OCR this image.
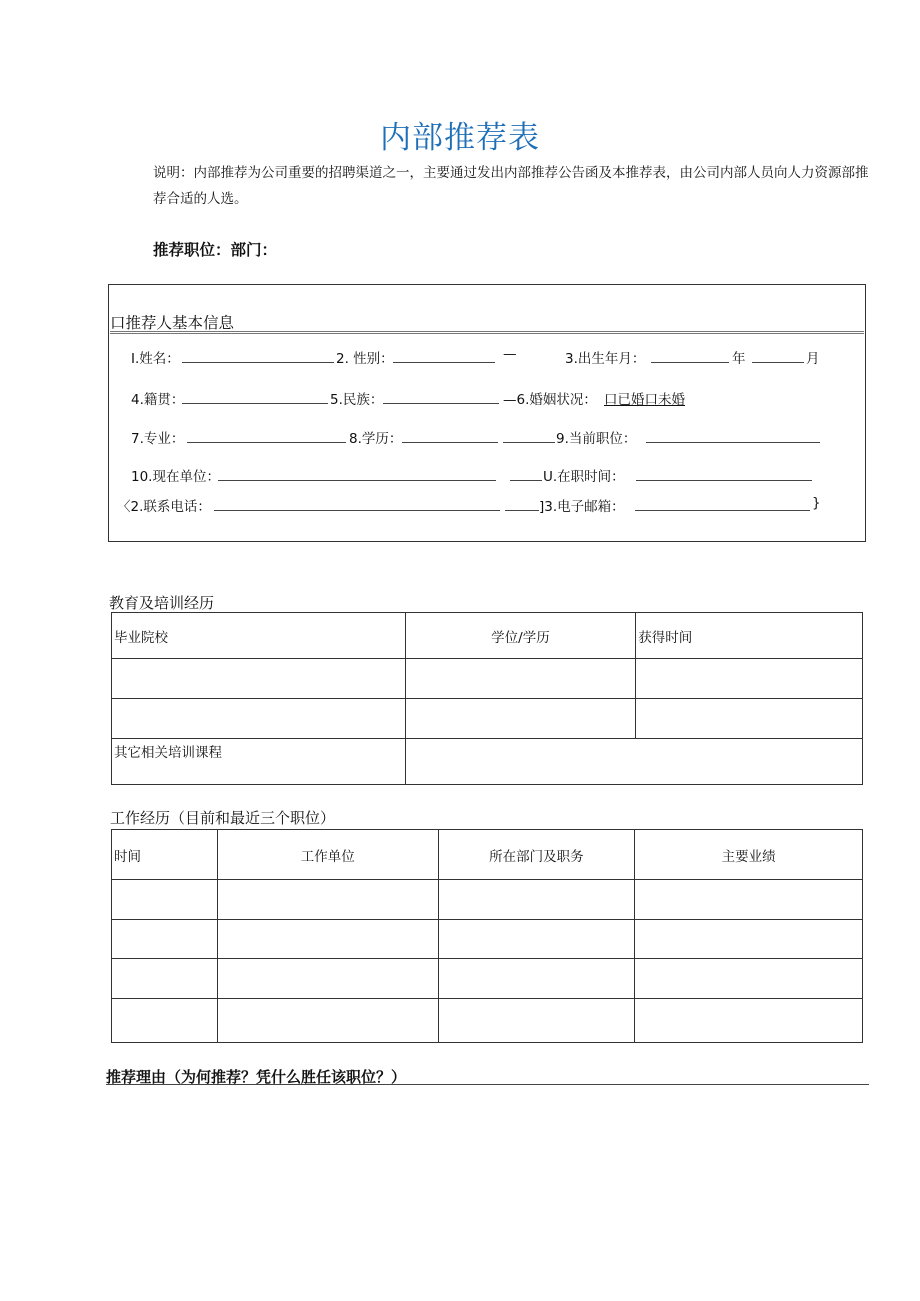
内部推荐表
说明：内部推荐为公司重要的招聘渠道之一，主要通过发出内部推荐公告函及本推荐表，由公司内部人员向人力资源部推荐合适的人选。
推荐职位：部门：
口推荐人基本信息
I.姓名：	2. 性别：	—	3.出生年月：	年	月
4.籍贯：	5.民族：	—6.婚姻状况： 口已婚口未婚
7.专业：	8.学历：	9.当前职位：
10.现在单位：	U.在职时间：
〈2.联系电话：	]3.电子邮箱：	}
教育及培训经历
毕业院校	学位/学历	获得时间

其它相关培训课程		
工作经历（目前和最近三个职位）
时间	工作单位	所在部门及职务	主要业绩

推荐理由（为何推荐？凭什么胜任该职位？）
